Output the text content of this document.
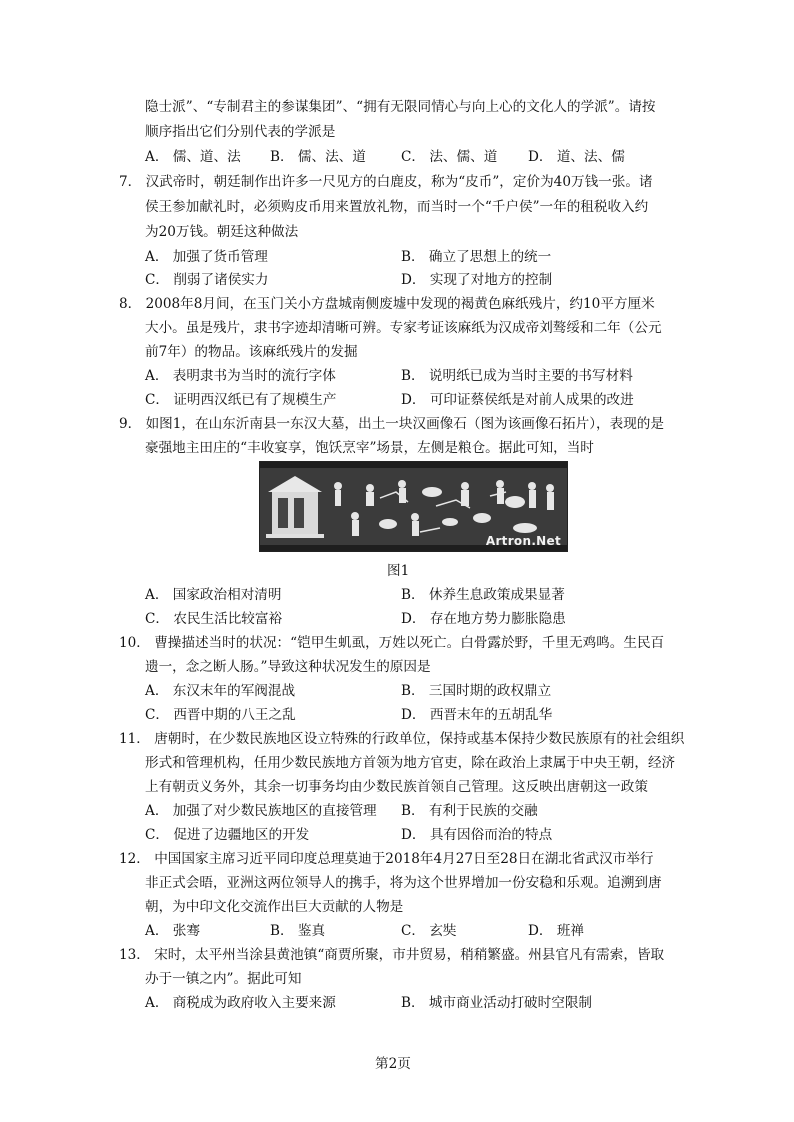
隐士派”、“专制君主的参谋集团”、“拥有无限同情心与向上心的文化人的学派”。请按
顺序指出它们分别代表的学派是
A． 儒、道、法 B． 儒、法、道	C． 法、儒、道 D． 道、法、儒
7． 汉武帝时，朝廷制作出许多一尺见方的白鹿皮，称为“皮币”，定价为40万钱一张。诸
侯王参加献礼时，必须购皮币用来置放礼物，而当时一个“千户侯”一年的租税收入约
为20万钱。朝廷这种做法
A． 加强了货币管理	B． 确立了思想上的统一
C． 削弱了诸侯实力	D． 实现了对地方的控制
8． 2008年8月间，在玉门关小方盘城南侧废墟中发现的褐黄色麻纸残片，约10平方厘米
大小。虽是残片，隶书字迹却清晰可辨。专家考证该麻纸为汉成帝刘骜绥和二年（公元
前7年）的物品。该麻纸残片的发掘
A． 表明隶书为当时的流行字体	B． 说明纸已成为当时主要的书写材料
C． 证明西汉纸已有了规模生产	D． 可印证蔡侯纸是对前人成果的改进
9． 如图1，在山东沂南县一东汉大墓，出土一块汉画像石（图为该画像石拓片），表现的是
豪强地主田庄的“丰收宴享，饱饫烹宰”场景，左侧是粮仓。据此可知，当时
Artron.Net
图1
A． 国家政治相对清明	B． 休养生息政策成果显著
C． 农民生活比较富裕	D． 存在地方势力膨胀隐患
10． 曹操描述当时的状况：“铠甲生虮虱，万姓以死亡。白骨露於野，千里无鸡鸣。生民百
遗一，念之断人肠。”导致这种状况发生的原因是
A． 东汉末年的军阀混战	B． 三国时期的政权鼎立
C． 西晋中期的八王之乱	D． 西晋末年的五胡乱华
11． 唐朝时，在少数民族地区设立特殊的行政单位，保持或基本保持少数民族原有的社会组织
形式和管理机构，任用少数民族地方首领为地方官吏，除在政治上隶属于中央王朝，经济
上有朝贡义务外，其余一切事务均由少数民族首领自己管理。这反映出唐朝这一政策
A． 加强了对少数民族地区的直接管理 B． 有利于民族的交融
C． 促进了边疆地区的开发	D． 具有因俗而治的特点
12． 中国国家主席习近平同印度总理莫迪于2018年4月27日至28日在湖北省武汉市举行
非正式会晤，亚洲这两位领导人的携手，将为这个世界增加一份安稳和乐观。追溯到唐
朝，为中印文化交流作出巨大贡献的人物是
A． 张骞	B． 鉴真	C． 玄奘	D． 班禅
13． 宋时，太平州当涂县黄池镇“商贾所聚，市井贸易，稍稍繁盛。州县官凡有需索，皆取
办于一镇之内”。据此可知
A． 商税成为政府收入主要来源	B． 城市商业活动打破时空限制
第2页
